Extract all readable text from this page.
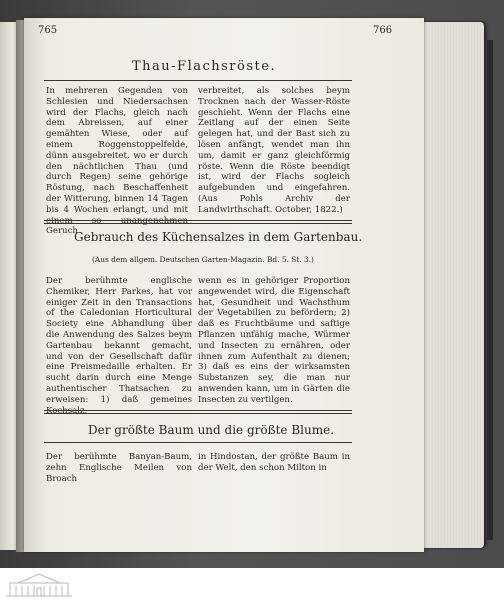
765	766
Thau-Flachsröste.
In mehreren Gegenden von Schlesien und Niedersachsen wird der Flachs, gleich nach dem Abreissen, auf einer gemähten Wiese, oder auf einem Roggenstoppelfelde, dünn ausgebreitet, wo er durch den nächtlichen Thau (und durch Regen) seine gehörige Röstung, nach Beschaffenheit der Witterung, binnen 14 Tagen bis 4 Wochen erlangt, und mit Geruch
verbreitet, als solches beym Trocknen nach der Wasser-Röste geschieht. Wenn der Flachs eine Zeitlang auf der einen Seite gelegen hat, und der Bast sich zu lösen anfängt, wendet man ihn um, damit er ganz gleichförmig röste. Wenn die Röste beendigt ist, wird der Flachs sogleich aufgebunden und eingefahren. (Aus Pohls Archiv der Landwirthschaft. October, 1822.)
Gebrauch des Küchensalzes in dem Gartenbau.
(Aus dem allgem. Deutschen Garten-Magazin. Bd. 5. St. 3.)
Der berühmte englische Chemiker, Herr Parkes, hat vor einiger Zeit in den Transactions of the Caledonian Horticultural Society eine Abhandlung über die Anwendung des Salzes beym Gartenbau bekannt gemacht, und von der Gesellschaft dafür eine Preismedaille erhalten. Er sucht darin durch eine Menge authentischer Thatsachen zu erweisen: 1) daß gemeines
wenn es in gehöriger Proportion angewendet wird, die Eigenschaft hat, Gesundheit und Wachsthum der Vegetabilien zu befördern; 2) daß es Fruchtbäume und saftige Pflanzen unfähig mache, Würmer und Insecten zu ernähren, oder ihnen zum Aufenthalt zu dienen; 3) daß es eins der wirksamsten Substanzen sey, die man nur anwenden kann, um in Gärten die Insecten zu vertilgen.
Der größte Baum und die größte Blume.
Der berühmte Banyan-Baum, zehn Englische Meilen von Broach
in Hindostan, der größte Baum in der Welt, den schon Milton in
